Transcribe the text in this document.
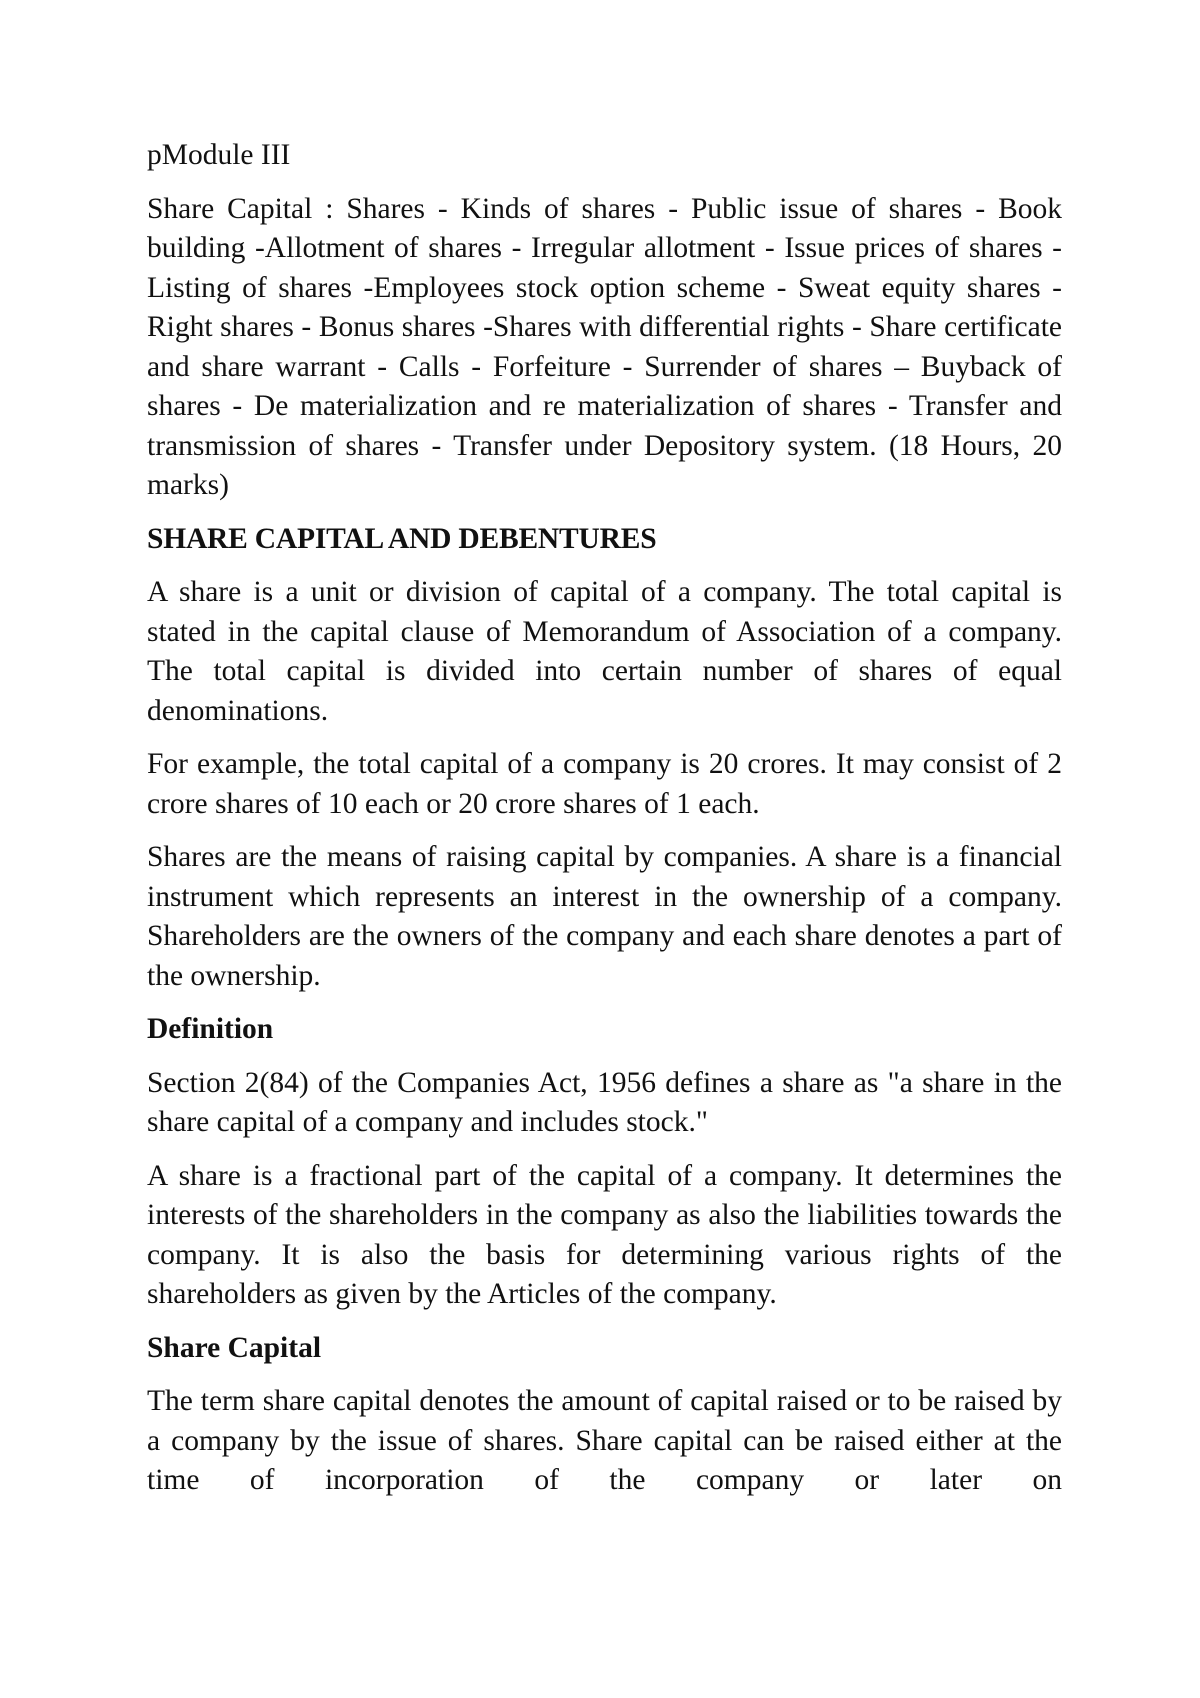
pModule III

Share Capital : Shares - Kinds of shares - Public issue of shares - Book building -Allotment of shares - Irregular allotment - Issue prices of shares - Listing of shares -Employees stock option scheme - Sweat equity shares - Right shares - Bonus shares -Shares with differential rights - Share certificate and share warrant - Calls - Forfeiture - Surrender of shares – Buyback of shares - De materialization and re materialization of shares - Transfer and transmission of shares - Transfer under Depository system. (18 Hours, 20 marks)

SHARE CAPITAL AND DEBENTURES

A share is a unit or division of capital of a company. The total capital is stated in the capital clause of Memorandum of Association of a company. The total capital is divided into certain number of shares of equal denominations.

For example, the total capital of a company is 20 crores. It may consist of 2 crore shares of 10 each or 20 crore shares of 1 each.

Shares are the means of raising capital by companies. A share is a financial instrument which represents an interest in the ownership of a company. Shareholders are the owners of the company and each share denotes a part of the ownership.

Definition

Section 2(84) of the Companies Act, 1956 defines a share as "a share in the share capital of a company and includes stock."

A share is a fractional part of the capital of a company. It determines the interests of the shareholders in the company as also the liabilities towards the company. It is also the basis for determining various rights of the shareholders as given by the Articles of the company.

Share Capital

The term share capital denotes the amount of capital raised or to be raised by a company by the issue of shares. Share capital can be raised either at the time of incorporation of the company or later on
